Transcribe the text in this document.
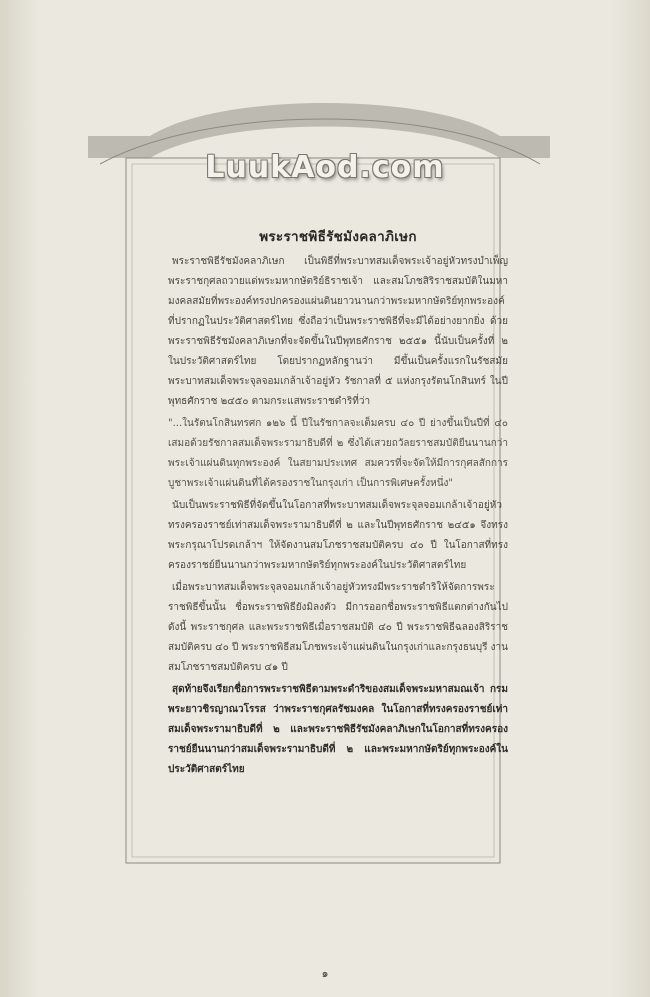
LuukAod.com
พระราชพิธีรัชมังคลาภิเษก
พระราชพิธีรัชมังคลาภิเษก เป็นพิธีที่พระบาทสมเด็จพระเจ้าอยู่หัวทรงบำเพ็ญพระราชกุศลถวายแด่พระมหากษัตริย์ธิราชเจ้า และสมโภชสิริราชสมบัติในมหามงคลสมัยที่พระองค์ทรงปกครองแผ่นดินยาวนานกว่าพระมหากษัตริย์ทุกพระองค์ที่ปรากฏในประวัติศาสตร์ไทย ซึ่งถือว่าเป็นพระราชพิธีที่จะมีได้อย่างยากยิ่ง ด้วยพระราชพิธีรัชมังคลาภิเษกที่จะจัดขึ้นในปีพุทธศักราช ๒๕๕๑ นี้นับเป็นครั้งที่ ๒ ในประวัติศาสตร์ไทย โดยปรากฏหลักฐานว่า มีขึ้นเป็นครั้งแรกในรัชสมัยพระบาทสมเด็จพระจุลจอมเกล้าเจ้าอยู่หัว รัชกาลที่ ๕ แห่งกรุงรัตนโกสินทร์ ในปีพุทธศักราช ๒๔๕๐ ตามกระแสพระราชดำริที่ว่า
"...ในรัตนโกสินทรศก ๑๒๖ นี้ ปีในรัชกาลจะเต็มครบ ๔๐ ปี ย่างขึ้นเป็นปีที่ ๔๐ เสมอด้วยรัชกาลสมเด็จพระรามาธิบดีที่ ๒ ซึ่งได้เสวยถวัลยราชสมบัติยืนนานกว่าพระเจ้าแผ่นดินทุกพระองค์ ในสยามประเทศ สมควรที่จะจัดให้มีการกุศลสักการบูชาพระเจ้าแผ่นดินที่ได้ครองราชในกรุงเก่า เป็นการพิเศษครั้งหนึ่ง"
นับเป็นพระราชพิธีที่จัดขึ้นในโอกาสที่พระบาทสมเด็จพระจุลจอมเกล้าเจ้าอยู่หัวทรงครองราชย์เท่าสมเด็จพระรามาธิบดีที่ ๒ และในปีพุทธศักราช ๒๔๕๑ จึงทรงพระกรุณาโปรดเกล้าฯ ให้จัดงานสมโภชราชสมบัติครบ ๔๐ ปี ในโอกาสที่ทรงครองราชย์ยืนนานกว่าพระมหากษัตริย์ทุกพระองค์ในประวัติศาสตร์ไทย
เมื่อพระบาทสมเด็จพระจุลจอมเกล้าเจ้าอยู่หัวทรงมีพระราชดำริให้จัดการพระราชพิธีขึ้นนั้น ชื่อพระราชพิธียังมิลงตัว มีการออกชื่อพระราชพิธีแตกต่างกันไป ดังนี้ พระราชกุศล และพระราชพิธีเมื่อราชสมบัติ ๔๐ ปี พระราชพิธีฉลองสิริราชสมบัติครบ ๔๐ ปี พระราชพิธีสมโภชพระเจ้าแผ่นดินในกรุงเก่าและกรุงธนบุรี งานสมโภชราชสมบัติครบ ๔๑ ปี
สุดท้ายจึงเรียกชื่อการพระราชพิธีตามพระดำริของสมเด็จพระมหาสมณเจ้า กรมพระยาวชิรญาณวโรรส ว่าพระราชกุศลรัชมงคล ในโอกาสที่ทรงครองราชย์เท่าสมเด็จพระรามาธิบดีที่ ๒ และพระราชพิธีรัชมังคลาภิเษกในโอกาสที่ทรงครองราชย์ยืนนานกว่าสมเด็จพระรามาธิบดีที่ ๒ และพระมหากษัตริย์ทุกพระองค์ในประวัติศาสตร์ไทย
๑
